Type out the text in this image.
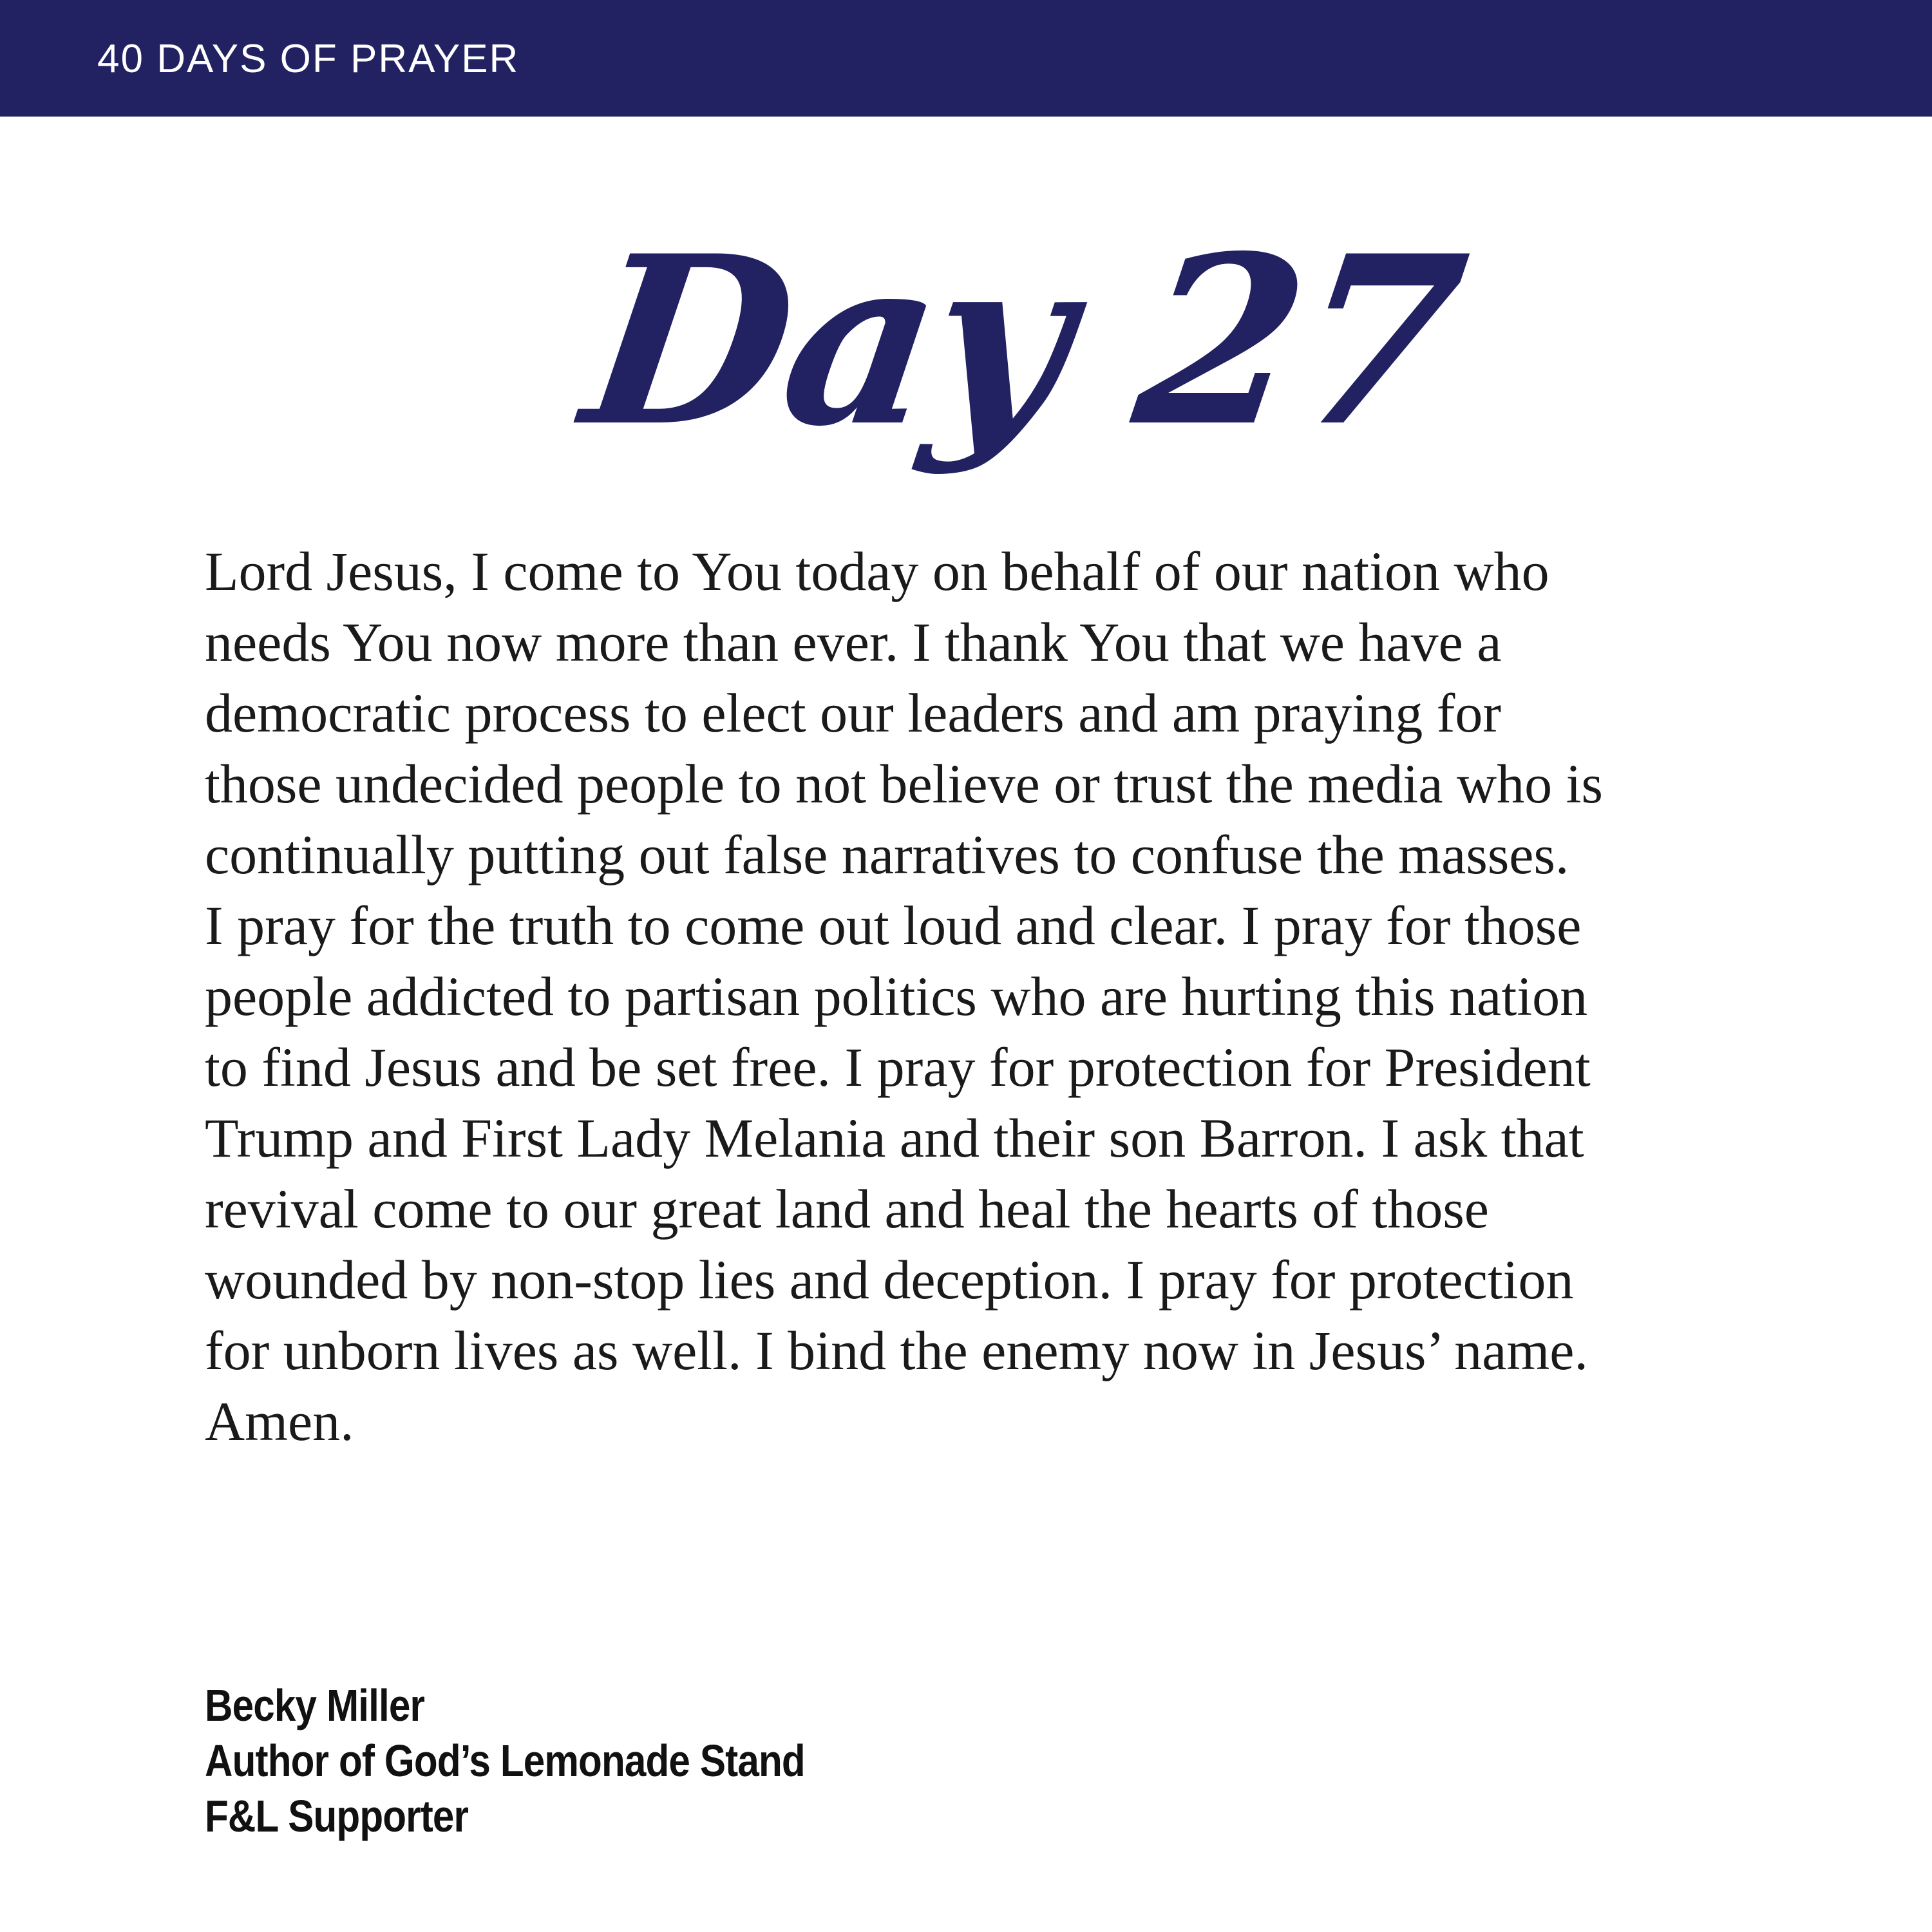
40 DAYS OF PRAYER
Day 27
Lord Jesus, I come to You today on behalf of our nation who
needs You now more than ever. I thank You that we have a
democratic process to elect our leaders and am praying for
those undecided people to not believe or trust the media who is
continually putting out false narratives to confuse the masses.
I pray for the truth to come out loud and clear. I pray for those
people addicted to partisan politics who are hurting this nation
to find Jesus and be set free. I pray for protection for President
Trump and First Lady Melania and their son Barron. I ask that
revival come to our great land and heal the hearts of those
wounded by non-stop lies and deception. I pray for protection
for unborn lives as well. I bind the enemy now in Jesus’ name.
Amen.
Becky Miller
Author of God’s Lemonade Stand
F&L Supporter
